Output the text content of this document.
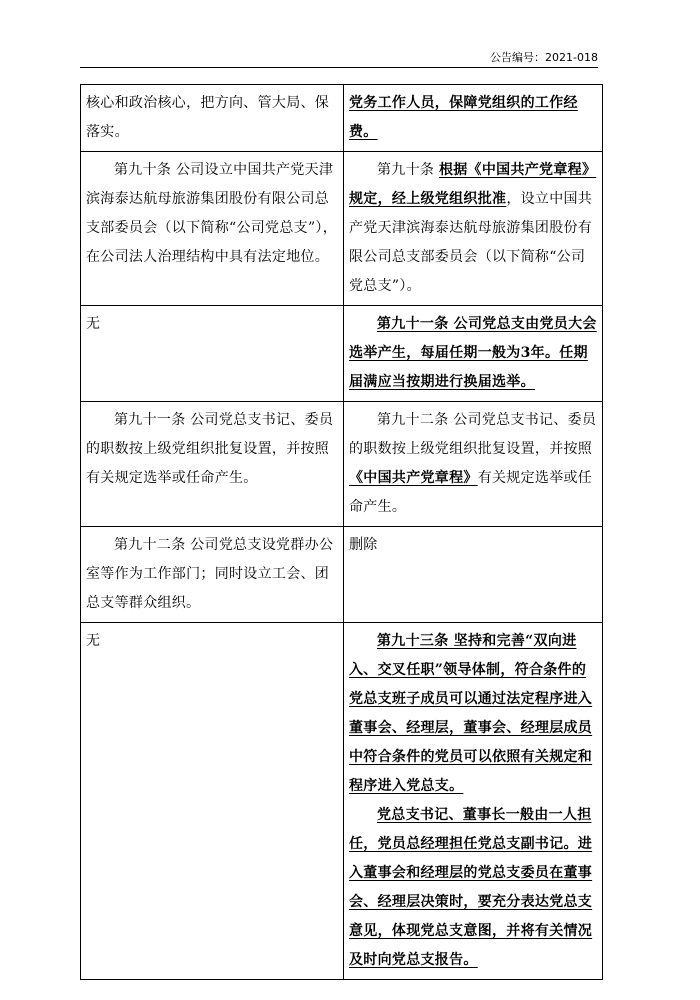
公告编号：2021-018
核心和政治核心，把方向、管大局、保落实。	党务工作人员，保障党组织的工作经费。

第九十条 公司设立中国共产党天津滨海泰达航母旅游集团股份有限公司总支部委员会（以下简称“公司党总支”），在公司法人治理结构中具有法定地位。	第九十条 根据《中国共产党章程》规定，经上级党组织批准，设立中国共产党天津滨海泰达航母旅游集团股份有限公司总支部委员会（以下简称“公司党总支”）。

无	第九十一条 公司党总支由党员大会选举产生，每届任期一般为3年。任期届满应当按期进行换届选举。

第九十一条 公司党总支书记、委员的职数按上级党组织批复设置，并按照有关规定选举或任命产生。	第九十二条 公司党总支书记、委员的职数按上级党组织批复设置，并按照《中国共产党章程》有关规定选举或任命产生。

第九十二条 公司党总支设党群办公室等作为工作部门；同时设立工会、团总支等群众组织。	删除
无	第九十三条 坚持和完善“双向进入、交叉任职”领导体制，符合条件的党总支班子成员可以通过法定程序进入董事会、经理层，董事会、经理层成员中符合条件的党员可以依照有关规定和程序进入党总支。
党总支书记、董事长一般由一人担任，党员总经理担任党总支副书记。进入董事会和经理层的党总支委员在董事会、经理层决策时，要充分表达党总支意见，体现党总支意图，并将有关情况及时向党总支报告。
